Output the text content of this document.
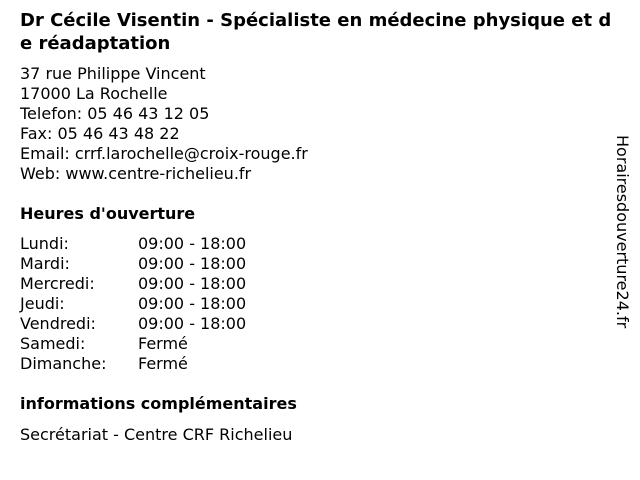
Dr Cécile Visentin - Spécialiste en médecine physique et de réadaptation
37 rue Philippe Vincent
17000 La Rochelle
Telefon: 05 46 43 12 05
Fax: 05 46 43 48 22
Email: crrf.larochelle@croix-rouge.fr
Web: www.centre-richelieu.fr
Heures d'ouverture
Lundi:	09:00 - 18:00
Mardi:	09:00 - 18:00
Mercredi:	09:00 - 18:00
Jeudi:	09:00 - 18:00
Vendredi:	09:00 - 18:00
Samedi:	Fermé
Dimanche: Fermé
informations complémentaires
Secrétariat - Centre CRF Richelieu
Horairesdouverture24.fr
